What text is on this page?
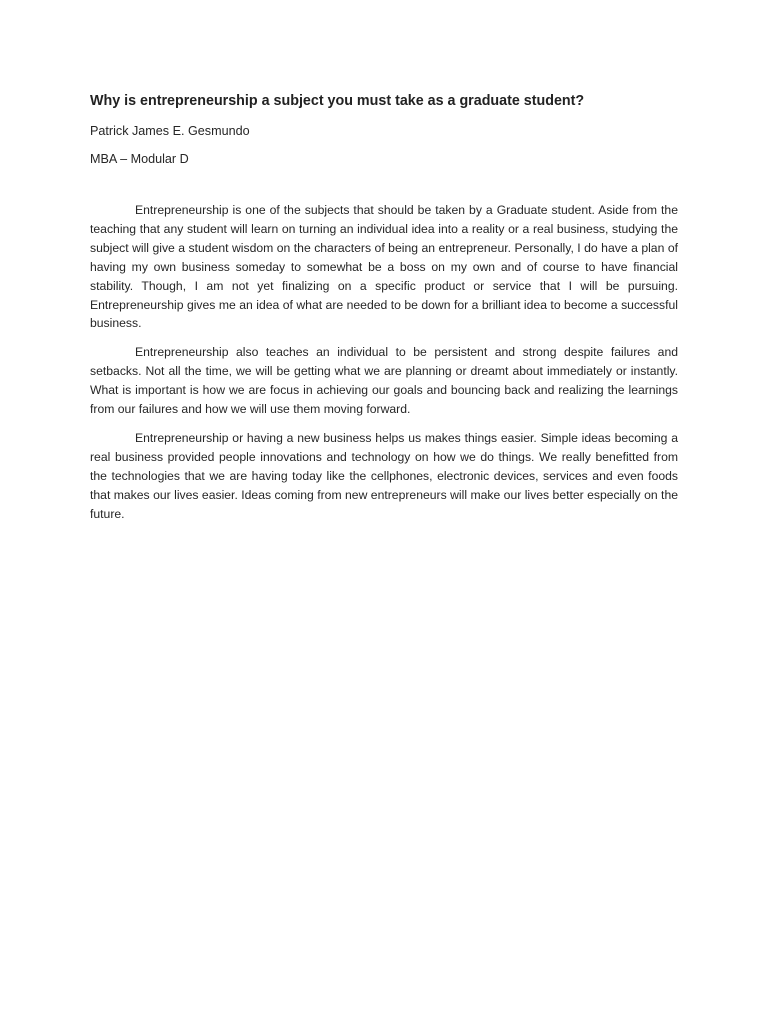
Why is entrepreneurship a subject you must take as a graduate student?

Patrick James E. Gesmundo

MBA – Modular D

Entrepreneurship is one of the subjects that should be taken by a Graduate student. Aside from the teaching that any student will learn on turning an individual idea into a reality or a real business, studying the subject will give a student wisdom on the characters of being an entrepreneur. Personally, I do have a plan of having my own business someday to somewhat be a boss on my own and of course to have financial stability. Though, I am not yet finalizing on a specific product or service that I will be pursuing. Entrepreneurship gives me an idea of what are needed to be down for a brilliant idea to become a successful business.

Entrepreneurship also teaches an individual to be persistent and strong despite failures and setbacks. Not all the time, we will be getting what we are planning or dreamt about immediately or instantly. What is important is how we are focus in achieving our goals and bouncing back and realizing the learnings from our failures and how we will use them moving forward.

Entrepreneurship or having a new business helps us makes things easier. Simple ideas becoming a real business provided people innovations and technology on how we do things. We really benefitted from the technologies that we are having today like the cellphones, electronic devices, services and even foods that makes our lives easier. Ideas coming from new entrepreneurs will make our lives better especially on the future.
